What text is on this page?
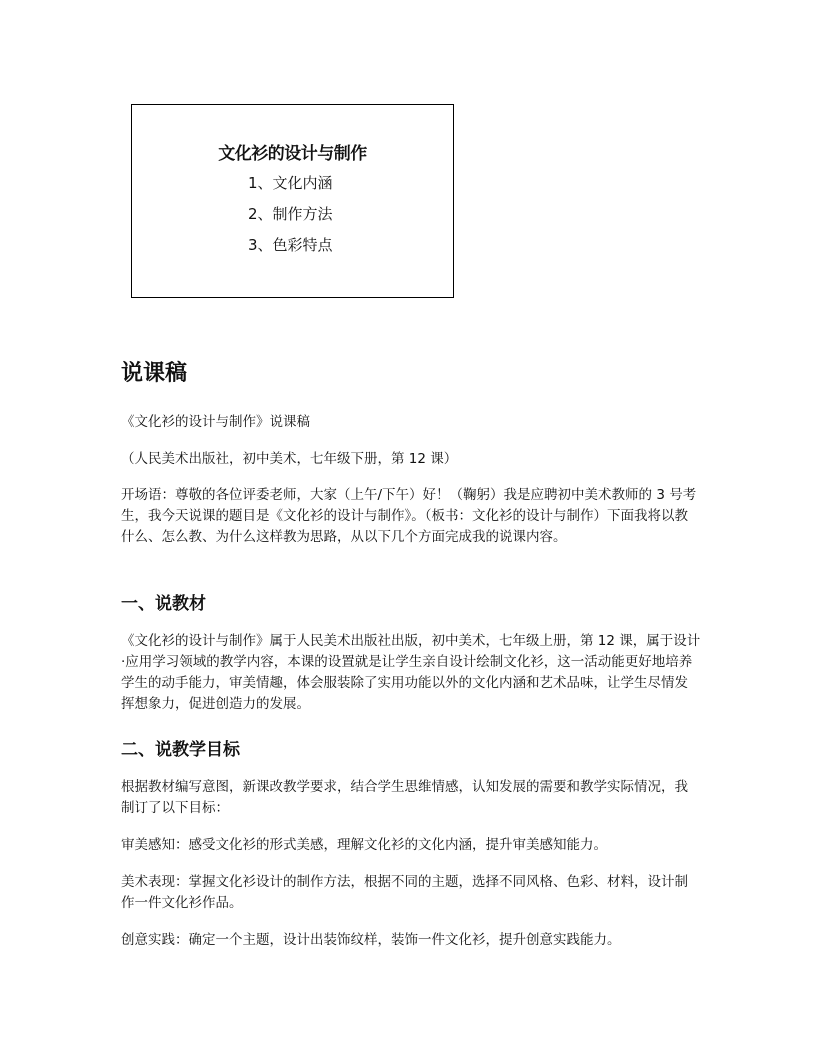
文化衫的设计与制作
1、文化内涵
2、制作方法
3、色彩特点
说课稿

《文化衫的设计与制作》说课稿

（人民美术出版社，初中美术，七年级下册，第 12 课）

开场语：尊敬的各位评委老师，大家（上午/下午）好！（鞠躬）我是应聘初中美术教师的 3 号考生，我今天说课的题目是《文化衫的设计与制作》。（板书：文化衫的设计与制作）下面我将以教什么、怎么教、为什么这样教为思路，从以下几个方面完成我的说课内容。

一、说教材

《文化衫的设计与制作》属于人民美术出版社出版，初中美术，七年级上册，第 12 课，属于设计·应用学习领域的教学内容，本课的设置就是让学生亲自设计绘制文化衫，这一活动能更好地培养学生的动手能力，审美情趣，体会服装除了实用功能以外的文化内涵和艺术品味，让学生尽情发挥想象力，促进创造力的发展。

二、说教学目标

根据教材编写意图，新课改教学要求，结合学生思维情感，认知发展的需要和教学实际情况，我制订了以下目标：

审美感知：感受文化衫的形式美感，理解文化衫的文化内涵，提升审美感知能力。

美术表现：掌握文化衫设计的制作方法，根据不同的主题，选择不同风格、色彩、材料，设计制作一件文化衫作品。

创意实践：确定一个主题，设计出装饰纹样，装饰一件文化衫，提升创意实践能力。
